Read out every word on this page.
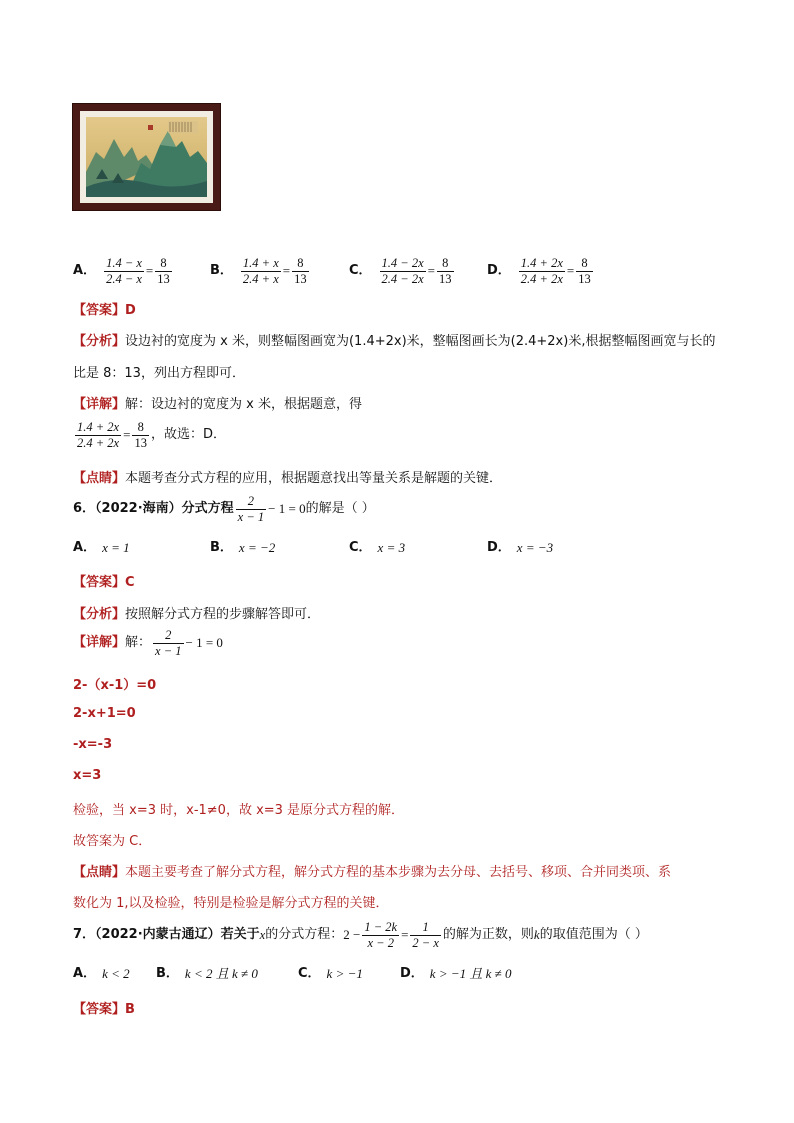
A． $\frac{1.4 - x}{2.4 - x} = \frac{8}{13}$	B． $\frac{1.4 + x}{2.4 + x} = \frac{8}{13}$	C． $\frac{1.4 - 2x}{2.4 - 2x} = \frac{8}{13}$	D． $\frac{1.4 + 2x}{2.4 + 2x} = \frac{8}{13}$
【答案】D
【分析】设边衬的宽度为 x 米，则整幅图画宽为(1.4+2x)米，整幅图画长为(2.4+2x)米,根据整幅图画宽与长的
比是 8：13，列出方程即可．
【详解】解：设边衬的宽度为 x 米，根据题意，得
$\frac{1.4 + 2x}{2.4 + 2x} = \frac{8}{13}$ ，故选：D．
【点睛】本题考查分式方程的应用，根据题意找出等量关系是解题的关键．
6．（2022·海南）分式方程 $\frac{2}{x - 1} - 1 = 0$ 的解是（ ）
A． x = 1	B． x = −2	C． x = 3	D． x = −3
【答案】C
【分析】按照解分式方程的步骤解答即可．
【详解】 解： $\frac{2}{x - 1} - 1 = 0$
2-（x-1）=0
2-x+1=0
-x=-3
x=3
检验，当 x=3 时，x-1≠0，故 x=3 是原分式方程的解．
故答案为 C．
【点睛】本题主要考查了解分式方程，解分式方程的基本步骤为去分母、去括号、移项、合并同类项、系
数化为 1,以及检验，特别是检验是解分式方程的关键．
7．（2022·内蒙古通辽）若关于 x 的分式方程： $2 - \frac{1 - 2k}{x - 2} = \frac{1}{2 - x}$ 的解为正数，则 k 的取值范围为（ ）
A． k < 2 B． k < 2 且 k ≠ 0	C． k > −1	D． k > −1 且 k ≠ 0
【答案】B
